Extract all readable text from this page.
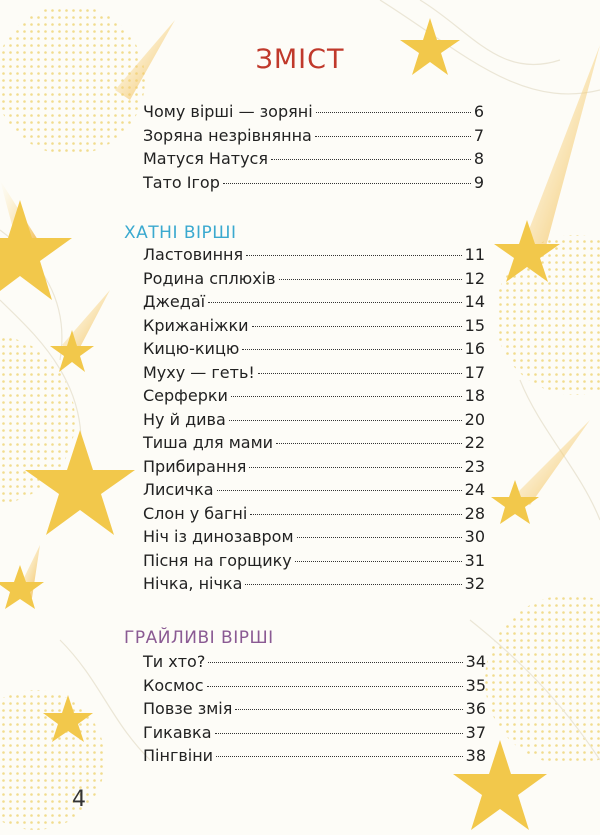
ЗМІСТ
Чому вірші — зоряні	6
Зоряна незрівнянна	7
Матуся Натуся	8
Тато Ігор	9
ХАТНІ ВІРШІ
Ластовиння	11
Родина сплюхів	12
Джедаї	14
Крижаніжки	15
Кицю-кицю	16
Муху — геть!	17
Серферки	18
Ну й дива	20
Тиша для мами	22
Прибирання	23
Лисичка	24
Слон у багні	28
Ніч із динозавром	30
Пісня на горщику	31
Нічка, нічка	32
ГРАЙЛИВІ ВІРШІ
Ти хто?	34
Космос	35
Повзе змія	36
Гикавка	37
Пінгвіни	38
4
